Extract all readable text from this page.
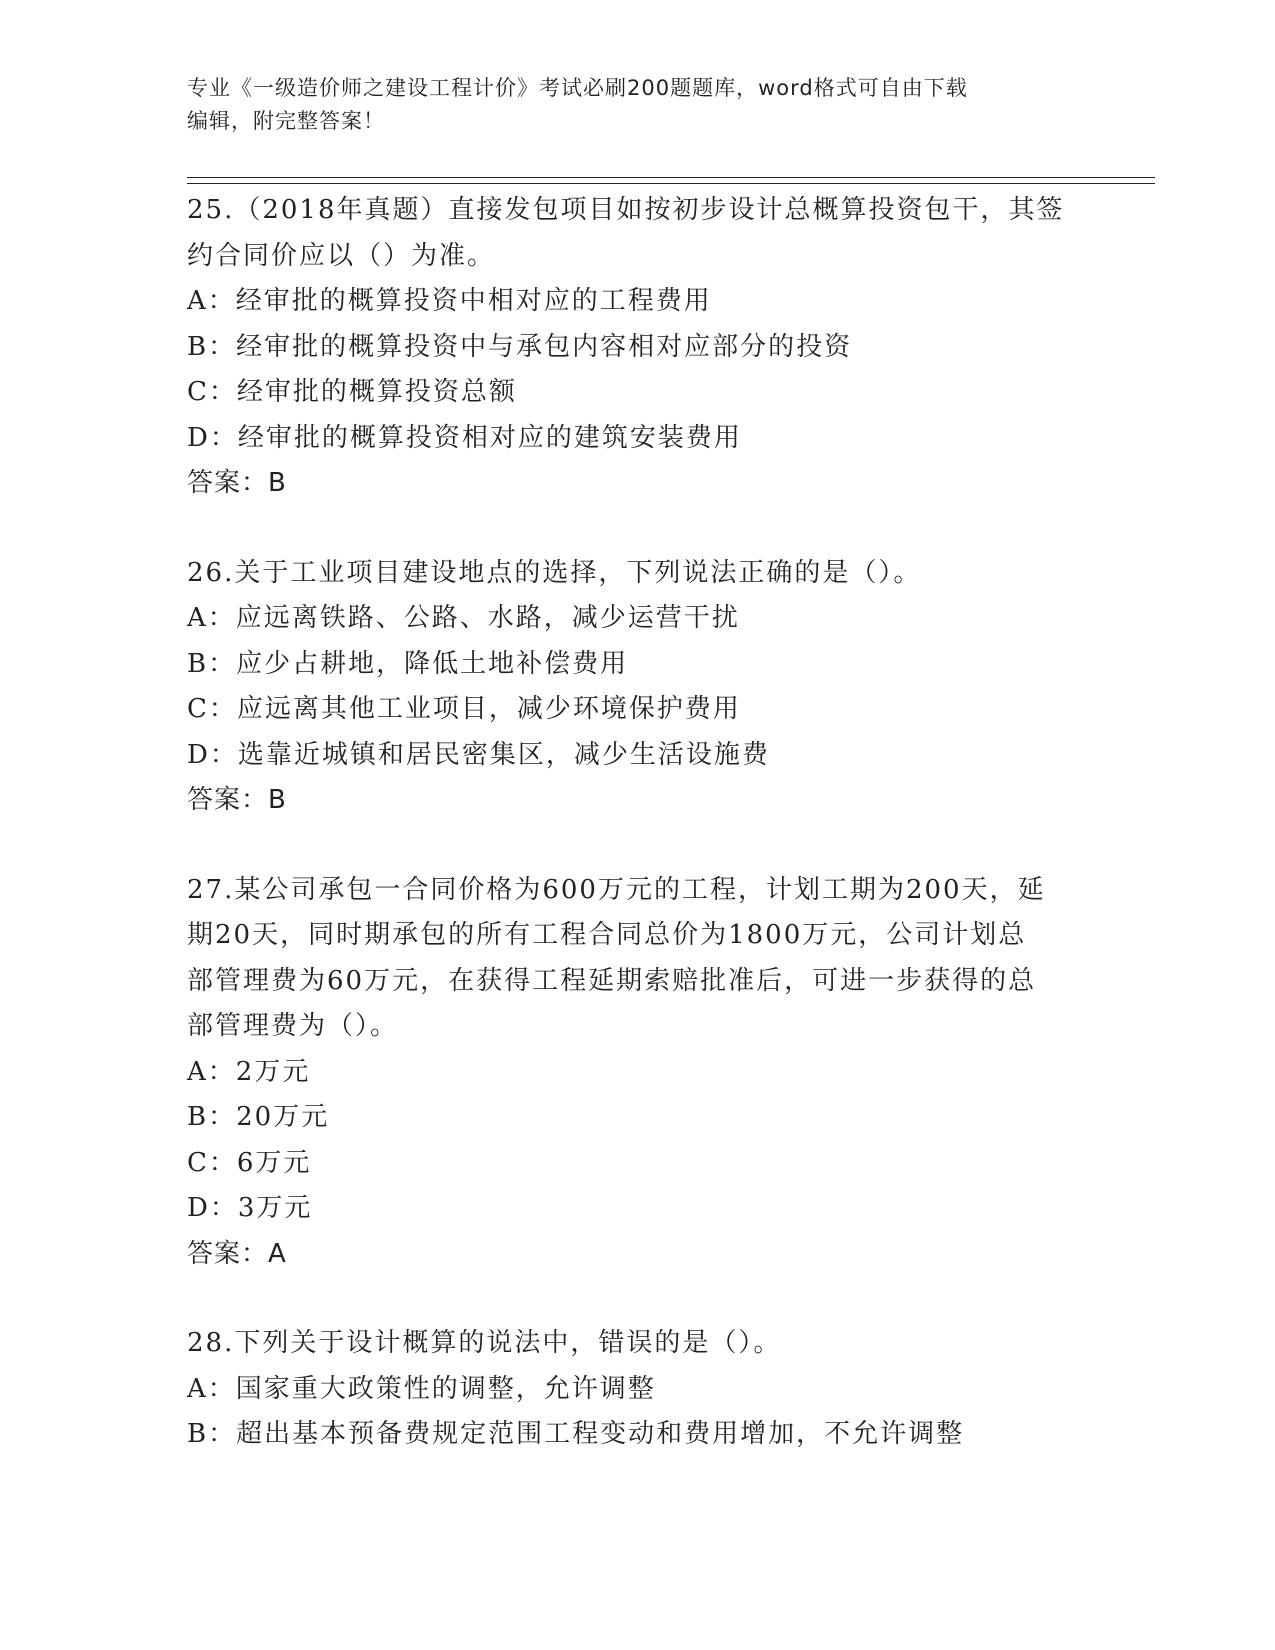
专业《一级造价师之建设工程计价》考试必刷200题题库，word格式可自由下载
编辑，附完整答案！
25.（2018年真题）直接发包项目如按初步设计总概算投资包干，其签
约合同价应以（）为准。
A：经审批的概算投资中相对应的工程费用
B：经审批的概算投资中与承包内容相对应部分的投资
C：经审批的概算投资总额
D：经审批的概算投资相对应的建筑安装费用
答案：B
26.关于工业项目建设地点的选择，下列说法正确的是（）。
A：应远离铁路、公路、水路，减少运营干扰
B：应少占耕地，降低土地补偿费用
C：应远离其他工业项目，减少环境保护费用
D：选靠近城镇和居民密集区，减少生活设施费
答案：B
27.某公司承包一合同价格为600万元的工程，计划工期为200天，延
期20天，同时期承包的所有工程合同总价为1800万元，公司计划总
部管理费为60万元，在获得工程延期索赔批准后，可进一步获得的总
部管理费为（）。
A：2万元
B：20万元
C：6万元
D：3万元
答案：A
28.下列关于设计概算的说法中，错误的是（）。
A：国家重大政策性的调整，允许调整
B：超出基本预备费规定范围工程变动和费用增加，不允许调整
